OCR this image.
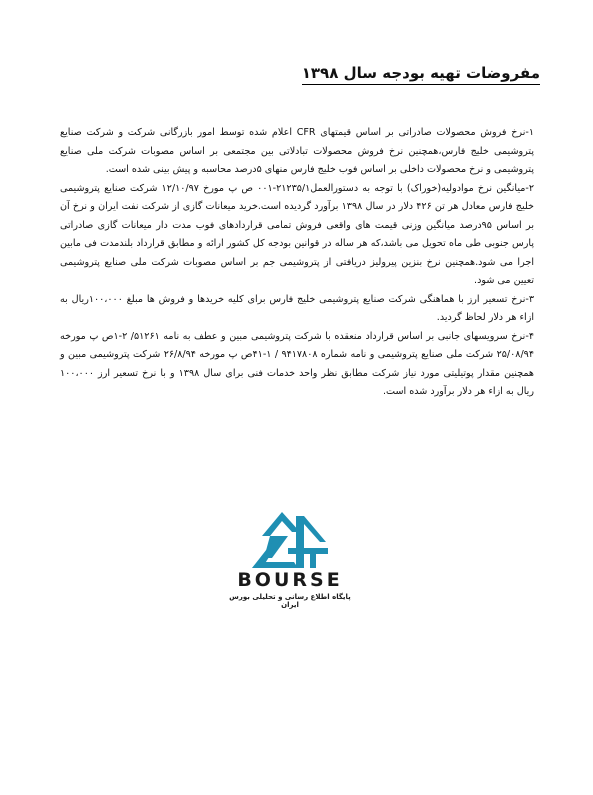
مفروضات تهیه بودجه سال ۱۳۹۸

۱-نرخ فروش محصولات صادراتی بر اساس قیمتهای CFR اعلام شده توسط امور بازرگانی شرکت و شرکت صنایع پتروشیمی خلیج فارس،همچنین نرخ فروش محصولات تبادلاتی بین مجتمعی بر اساس مصوبات شرکت ملی صنایع پتروشیمی و نرخ محصولات داخلی بر اساس فوب خلیج فارس منهای ۵درصد محاسبه و پیش بینی شده است.

۲-میانگین نرخ موادولیه(خوراک) با توجه به دستورالعمل۲۱۲۳۵/۱-۰۰۱ ص پ مورخ ۱۲/۱۰/۹۷ شرکت صنایع پتروشیمی خلیج فارس معادل هر تن ۴۲۶ دلار در سال ۱۳۹۸ برآورد گردیده است.خرید میعانات گازی از شرکت نفت ایران و نرخ آن بر اساس ۹۵درصد میانگین وزنی قیمت های واقعی فروش تمامی قراردادهای فوب مدت دار میعانات گازی صادراتی پارس جنوبی طی ماه تحویل می باشد،که هر ساله در قوانین بودجه کل کشور ارائه و مطابق قرارداد بلندمدت فی مابین اجرا می شود.همچنین نرخ بنزین پیرولیز دریافتی از پتروشیمی جم بر اساس مصوبات شرکت ملی صنایع پتروشیمی تعیین می شود.

۳-نرخ تسعیر ارز با هماهنگی شرکت صنایع پتروشیمی خلیج فارس برای کلیه خریدها و فروش ها مبلغ ۱۰۰،۰۰۰ریال به ازاء هر دلار لحاظ گردید.

۴-نرخ سرویسهای جانبی بر اساس قرارداد منعقده با شرکت پتروشیمی مبین و عطف به نامه ۵۱۲۶۱/ ۲-۱ص پ مورخه ۲۵/۰۸/۹۴ شرکت ملی صنایع پتروشیمی و نامه شماره ۹۴۱۷۸۰۸ / ۱-۴۱ص پ مورخه ۲۶/۸/۹۴ شرکت پتروشیمی مبین و همچنین مقدار پوتیلیتی مورد نیاز شرکت مطابق نظر واحد خدمات فنی برای سال ۱۳۹۸ و با نرخ تسعیر ارز ۱۰۰،۰۰۰ ریال به ازاء هر دلار برآورد شده است.

BOURSE
پایگاه اطلاع رسانی و تحلیلی بورس ایران
